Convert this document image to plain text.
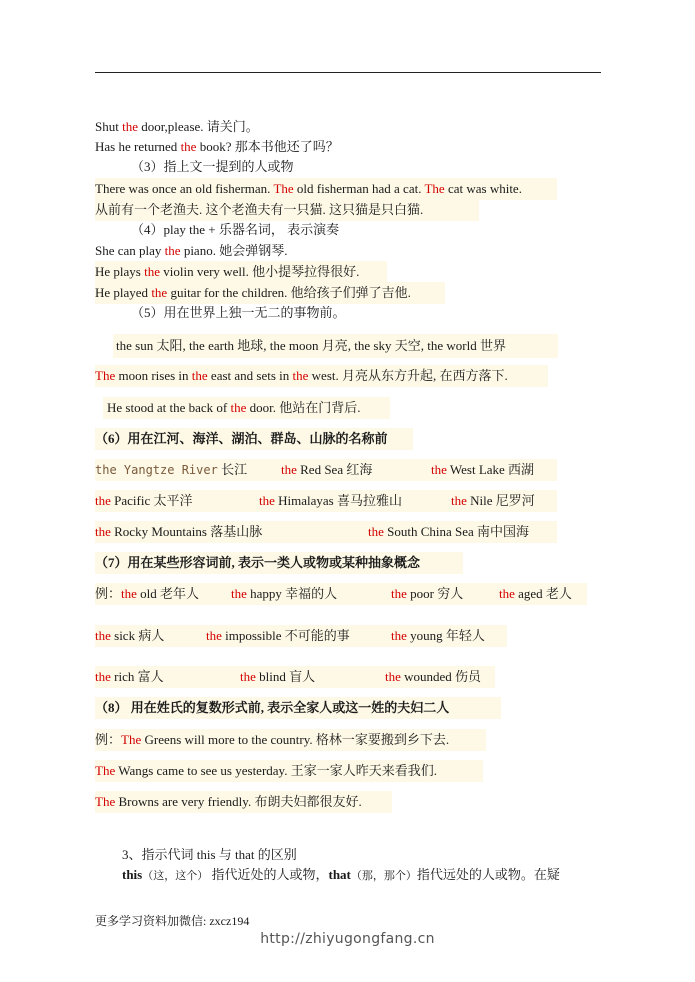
Shut the door,please. 请关门。
Has he returned the book? 那本书他还了吗？
（3）指上文一提到的人或物
There was once an old fisherman. The old fisherman had a cat. The cat was white.
从前有一个老渔夫. 这个老渔夫有一只猫. 这只猫是只白猫.
（4）play the + 乐器名词， 表示演奏
She can play the piano. 她会弹钢琴.
He plays the violin very well. 他小提琴拉得很好.
He played the guitar for the children. 他给孩子们弹了吉他.
（5）用在世界上独一无二的事物前。
the sun 太阳, the earth 地球, the moon 月亮, the sky 天空, the world 世界
The moon rises in the east and sets in the west. 月亮从东方升起, 在西方落下.
He stood at the back of the door. 他站在门背后.
（6）用在江河、海洋、湖泊、群岛、山脉的名称前
the Yangtze River 长江	the Red Sea 红海	the West Lake 西湖
the Pacific 太平洋	the Himalayas 喜马拉雅山	the Nile 尼罗河
the Rocky Mountains 落基山脉	the South China Sea 南中国海
（7）用在某些形容词前, 表示一类人或物或某种抽象概念
例：the old 老年人 the happy 幸福的人	the poor 穷人	the aged 老人
the sick 病人	the impossible 不可能的事	the young 年轻人
the rich 富人	the blind 盲人	the wounded 伤员
（8） 用在姓氏的复数形式前, 表示全家人或这一姓的夫妇二人
例：The Greens will more to the country. 格林一家要搬到乡下去.
The Wangs came to see us yesterday. 王家一家人昨天来看我们.
The Browns are very friendly. 布朗夫妇都很友好.
3、指示代词 this 与 that 的区别
this（这，这个） 指代近处的人或物，that（那，那个）指代远处的人或物。在疑
更多学习资料加微信: zxcz194
http://zhiyugongfang.cn
